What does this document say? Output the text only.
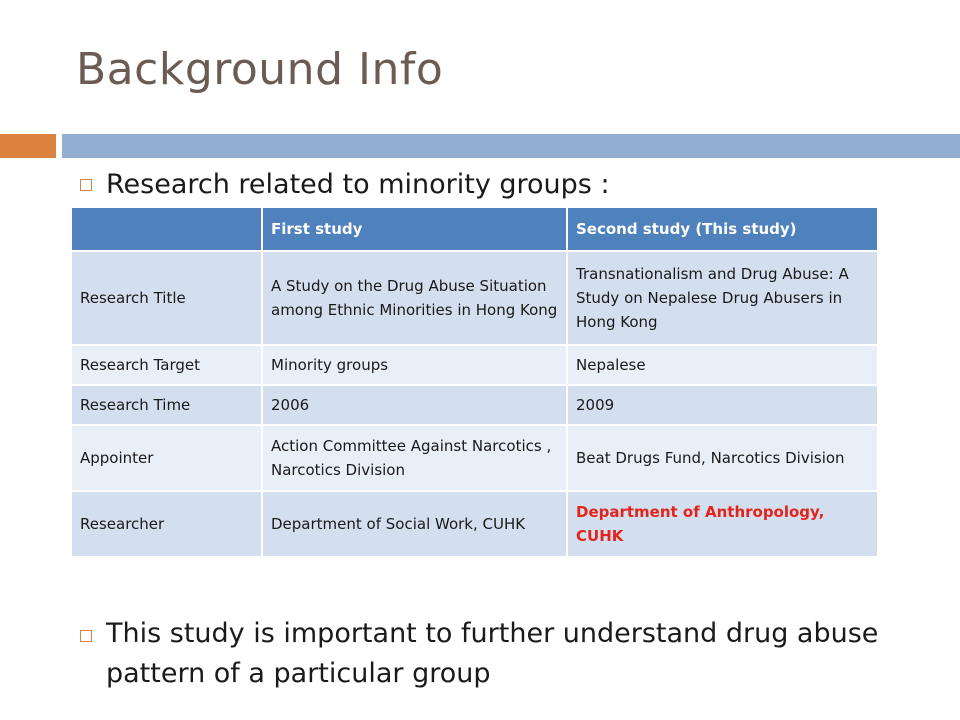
Background Info
Research related to minority groups :
	First study	Second study (This study)
Research Title	A Study on the Drug Abuse Situation among Ethnic Minorities in Hong Kong	Transnationalism and Drug Abuse: A Study on Nepalese Drug Abusers in Hong Kong
Research Target	Minority groups	Nepalese
Research Time	2006	2009
Appointer	Action Committee Against Narcotics , Narcotics Division	Beat Drugs Fund, Narcotics Division
Researcher	Department of Social Work, CUHK	Department of Anthropology, CUHK
This study is important to further understand drug abuse pattern of a particular group
